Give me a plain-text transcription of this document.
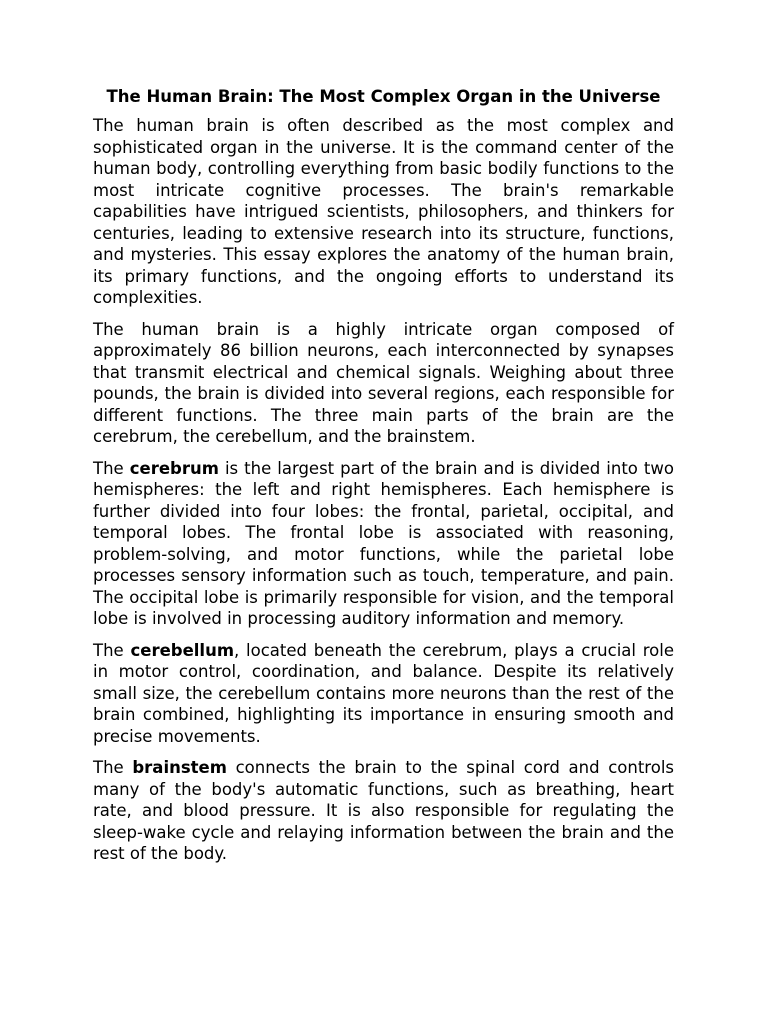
The Human Brain: The Most Complex Organ in the Universe

The human brain is often described as the most complex and sophisticated organ in the universe. It is the command center of the human body, controlling everything from basic bodily functions to the most intricate cognitive processes. The brain's remarkable capabilities have intrigued scientists, philosophers, and thinkers for centuries, leading to extensive research into its structure, functions, and mysteries. This essay explores the anatomy of the human brain, its primary functions, and the ongoing efforts to understand its complexities.

The human brain is a highly intricate organ composed of approximately 86 billion neurons, each interconnected by synapses that transmit electrical and chemical signals. Weighing about three pounds, the brain is divided into several regions, each responsible for different functions. The three main parts of the brain are the cerebrum, the cerebellum, and the brainstem.

The cerebrum is the largest part of the brain and is divided into two hemispheres: the left and right hemispheres. Each hemisphere is further divided into four lobes: the frontal, parietal, occipital, and temporal lobes. The frontal lobe is associated with reasoning, problem-solving, and motor functions, while the parietal lobe processes sensory information such as touch, temperature, and pain. The occipital lobe is primarily responsible for vision, and the temporal lobe is involved in processing auditory information and memory.

The cerebellum, located beneath the cerebrum, plays a crucial role in motor control, coordination, and balance. Despite its relatively small size, the cerebellum contains more neurons than the rest of the brain combined, highlighting its importance in ensuring smooth and precise movements.

The brainstem connects the brain to the spinal cord and controls many of the body's automatic functions, such as breathing, heart rate, and blood pressure. It is also responsible for regulating the sleep-wake cycle and relaying information between the brain and the rest of the body.
